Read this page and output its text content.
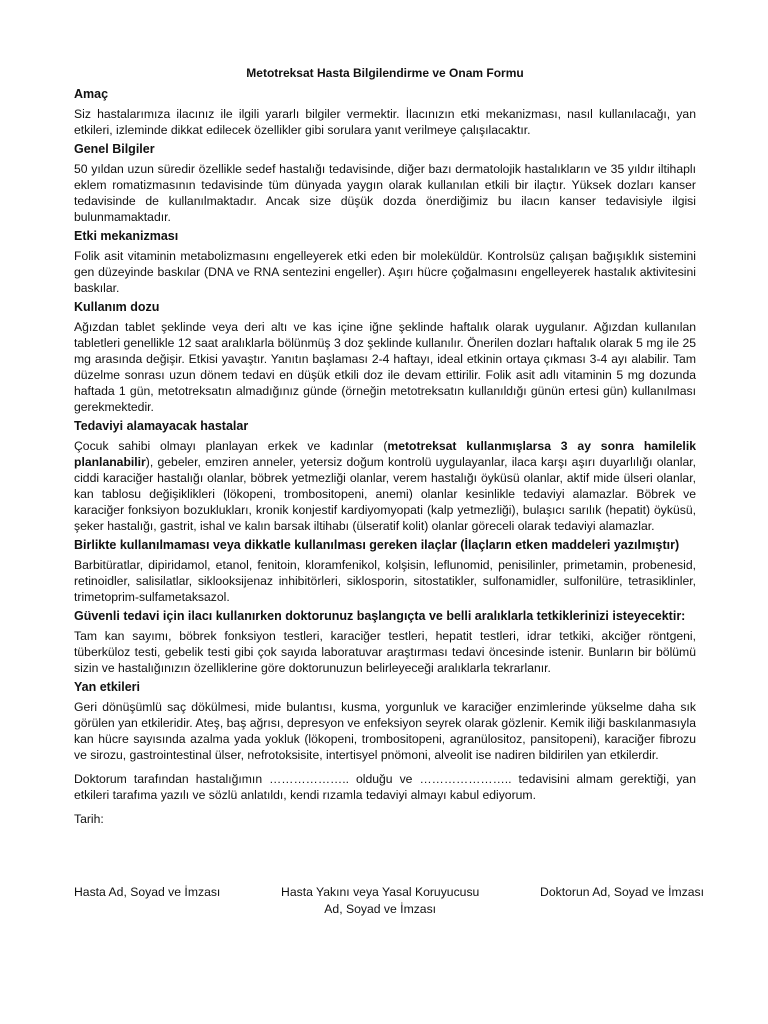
Metotreksat Hasta Bilgilendirme ve Onam Formu
Amaç
Siz hastalarımıza ilacınız ile ilgili yararlı bilgiler vermektir. İlacınızın etki mekanizması, nasıl kullanılacağı, yan etkileri, izleminde dikkat edilecek özellikler gibi sorulara yanıt verilmeye çalışılacaktır.
Genel Bilgiler
50 yıldan uzun süredir özellikle sedef hastalığı tedavisinde, diğer bazı dermatolojik hastalıkların ve 35 yıldır iltihaplı eklem romatizmasının tedavisinde tüm dünyada yaygın olarak kullanılan etkili bir ilaçtır. Yüksek dozları kanser tedavisinde de kullanılmaktadır. Ancak size düşük dozda önerdiğimiz bu ilacın kanser tedavisiyle ilgisi bulunmamaktadır.
Etki mekanizması
Folik asit vitaminin metabolizmasını engelleyerek etki eden bir moleküldür. Kontrolsüz çalışan bağışıklık sistemini gen düzeyinde baskılar (DNA ve RNA sentezini engeller). Aşırı hücre çoğalmasını engelleyerek hastalık aktivitesini baskılar.
Kullanım dozu
Ağızdan tablet şeklinde veya deri altı ve kas içine iğne şeklinde haftalık olarak uygulanır. Ağızdan kullanılan tabletleri genellikle 12 saat aralıklarla bölünmüş 3 doz şeklinde kullanılır. Önerilen dozları haftalık olarak 5 mg ile 25 mg arasında değişir. Etkisi yavaştır. Yanıtın başlaması 2-4 haftayı, ideal etkinin ortaya çıkması 3-4 ayı alabilir. Tam düzelme sonrası uzun dönem tedavi en düşük etkili doz ile devam ettirilir. Folik asit adlı vitaminin 5 mg dozunda haftada 1 gün, metotreksatın almadığınız günde (örneğin metotreksatın kullanıldığı günün ertesi gün) kullanılması gerekmektedir.
Tedaviyi alamayacak hastalar
Çocuk sahibi olmayı planlayan erkek ve kadınlar (metotreksat kullanmışlarsa 3 ay sonra hamilelik planlanabilir), gebeler, emziren anneler, yetersiz doğum kontrolü uygulayanlar, ilaca karşı aşırı duyarlılığı olanlar, ciddi karaciğer hastalığı olanlar, böbrek yetmezliği olanlar, verem hastalığı öyküsü olanlar, aktif mide ülseri olanlar, kan tablosu değişiklikleri (lökopeni, trombositopeni, anemi) olanlar kesinlikle tedaviyi alamazlar. Böbrek ve karaciğer fonksiyon bozuklukları, kronik konjestif kardiyomyopati (kalp yetmezliği), bulaşıcı sarılık (hepatit) öyküsü, şeker hastalığı, gastrit, ishal ve kalın barsak iltihabı (ülseratif kolit) olanlar göreceli olarak tedaviyi alamazlar.
Birlikte kullanılmaması veya dikkatle kullanılması gereken ilaçlar (İlaçların etken maddeleri yazılmıştır)
Barbitüratlar, dipiridamol, etanol, fenitoin, kloramfenikol, kolşisin, leflunomid, penisilinler, primetamin, probenesid, retinoidler, salisilatlar, siklooksijenaz inhibitörleri, siklosporin, sitostatikler, sulfonamidler, sulfonilüre, tetrasiklinler, trimetoprim-sulfametaksazol.
Güvenli tedavi için ilacı kullanırken doktorunuz başlangıçta ve belli aralıklarla tetkiklerinizi isteyecektir:
Tam kan sayımı, böbrek fonksiyon testleri, karaciğer testleri, hepatit testleri, idrar tetkiki, akciğer röntgeni, tüberküloz testi, gebelik testi gibi çok sayıda laboratuvar araştırması tedavi öncesinde istenir. Bunların bir bölümü sizin ve hastalığınızın özelliklerine göre doktorunuzun belirleyeceği aralıklarla tekrarlanır.
Yan etkileri
Geri dönüşümlü saç dökülmesi, mide bulantısı, kusma, yorgunluk ve karaciğer enzimlerinde yükselme daha sık görülen yan etkileridir. Ateş, baş ağrısı, depresyon ve enfeksiyon seyrek olarak gözlenir. Kemik iliği baskılanmasıyla kan hücre sayısında azalma yada yokluk (lökopeni, trombositopeni, agranülositoz, pansitopeni), karaciğer fibrozu ve sirozu, gastrointestinal ülser, nefrotoksisite, intertisyel pnömoni, alveolit ise nadiren bildirilen yan etkilerdir.
Doktorum tarafından hastalığımın ……………….. olduğu ve ………………….. tedavisini almam gerektiği, yan etkileri tarafıma yazılı ve sözlü anlatıldı, kendi rızamla tedaviyi almayı kabul ediyorum.
Tarih:
Hasta Ad, Soyad ve İmzası	Hasta Yakını veya Yasal Koruyucusu
Ad, Soyad ve İmzası
Doktorun Ad, Soyad ve İmzası
